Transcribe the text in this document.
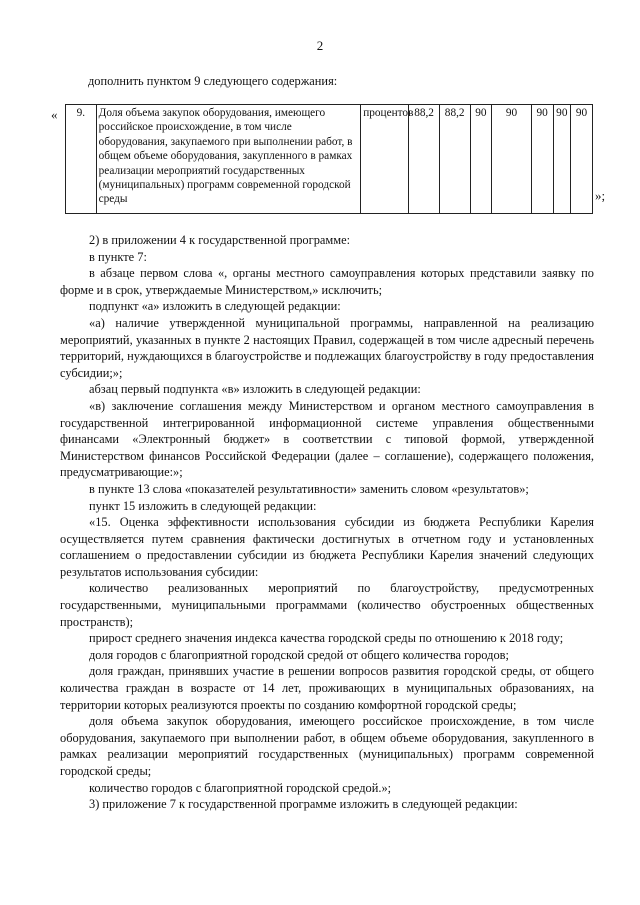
2
дополнить пунктом 9 следующего содержания:
« 9.	Доля объема закупок оборудования, имеющего российское происхождение, в том числе оборудования, закупаемого при выполнении работ, в общем объеме оборудования, закупленного в рамках реализации мероприятий государственных (муниципальных) программ современной городской среды	процентов	88,2	88,2	90	90	90	90	90
»;

2) в приложении 4 к государственной программе:

в пункте 7:

в абзаце первом слова «, органы местного самоуправления которых представили заявку по форме и в срок, утверждаемые Министерством,» исключить;

подпункт «а» изложить в следующей редакции:

«а) наличие утвержденной муниципальной программы, направленной на реализацию мероприятий, указанных в пункте 2 настоящих Правил, содержащей в том числе адресный перечень территорий, нуждающихся в благоустройстве и подлежащих благоустройству в году предоставления субсидии;»;

абзац первый подпункта «в» изложить в следующей редакции:

«в) заключение соглашения между Министерством и органом местного самоуправления в государственной интегрированной информационной системе управления общественными финансами «Электронный бюджет» в соответствии с типовой формой, утвержденной Министерством финансов Российской Федерации (далее – соглашение), содержащего положения, предусматривающие:»;

в пункте 13 слова «показателей результативности» заменить словом «результатов»;

пункт 15 изложить в следующей редакции:

«15. Оценка эффективности использования субсидии из бюджета Республики Карелия осуществляется путем сравнения фактически достигнутых в отчетном году и установленных соглашением о предоставлении субсидии из бюджета Республики Карелия значений следующих результатов использования субсидии:

количество реализованных мероприятий по благоустройству, предусмотренных государственными, муниципальными программами (количество обустроенных общественных пространств);

прирост среднего значения индекса качества городской среды по отношению к 2018 году;

доля городов с благоприятной городской средой от общего количества городов;

доля граждан, принявших участие в решении вопросов развития городской среды, от общего количества граждан в возрасте от 14 лет, проживающих в муниципальных образованиях, на территории которых реализуются проекты по созданию комфортной городской среды;

доля объема закупок оборудования, имеющего российское происхождение, в том числе оборудования, закупаемого при выполнении работ, в общем объеме оборудования, закупленного в рамках реализации мероприятий государственных (муниципальных) программ современной городской среды;

количество городов с благоприятной городской средой.»;

3) приложение 7 к государственной программе изложить в следующей редакции:
